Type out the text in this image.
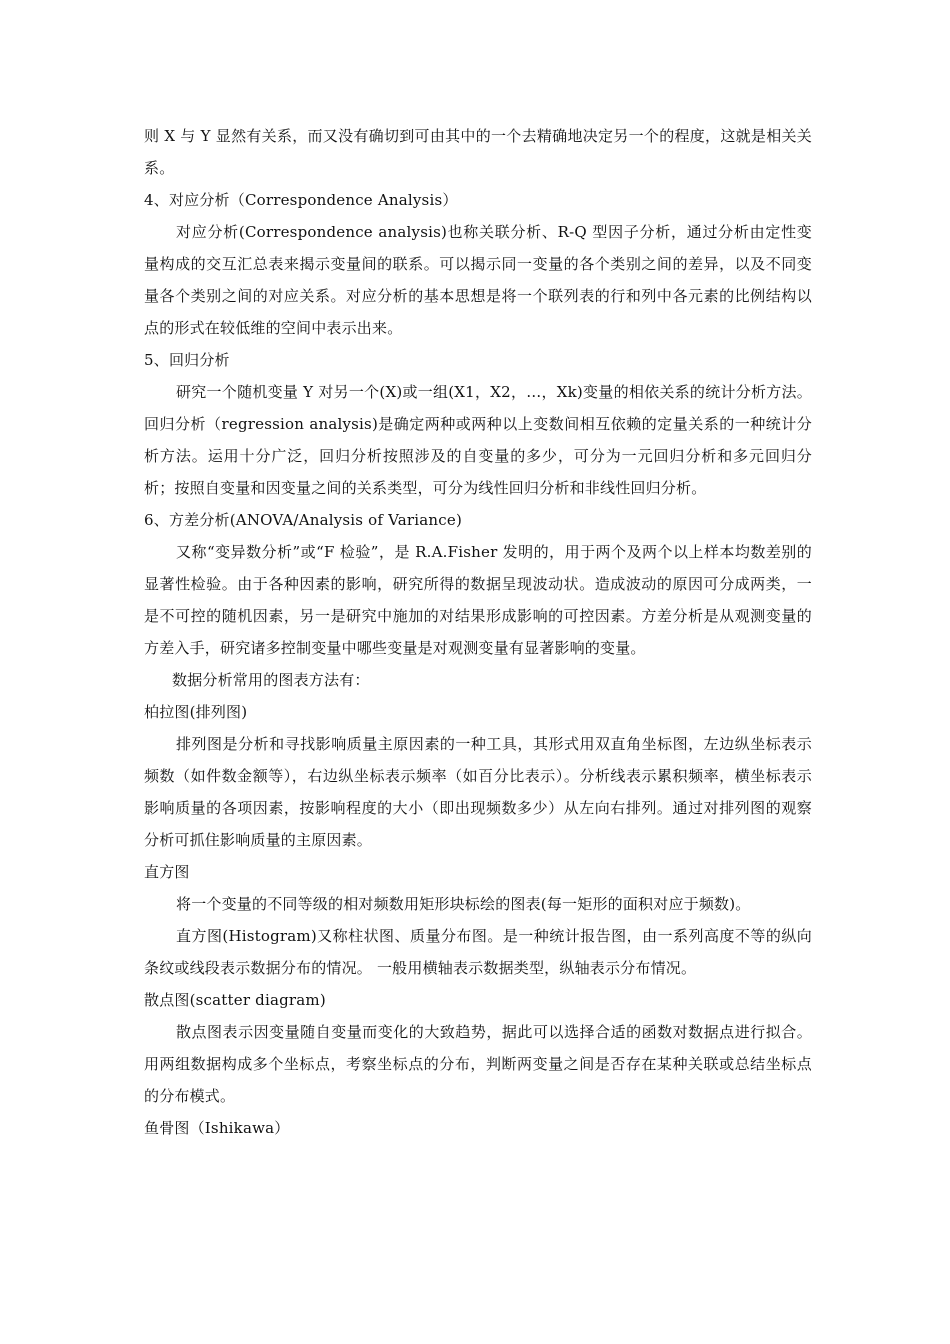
则 X 与 Y 显然有关系，而又没有确切到可由其中的一个去精确地决定另一个的程度，这就是相关关系。

4、对应分析（Correspondence Analysis）

对应分析(Correspondence analysis)也称关联分析、R-Q 型因子分析，通过分析由定性变量构成的交互汇总表来揭示变量间的联系。可以揭示同一变量的各个类别之间的差异，以及不同变量各个类别之间的对应关系。对应分析的基本思想是将一个联列表的行和列中各元素的比例结构以点的形式在较低维的空间中表示出来。

5、回归分析

研究一个随机变量 Y 对另一个(X)或一组(X1，X2，…，Xk)变量的相依关系的统计分析方法。回归分析（regression analysis)是确定两种或两种以上变数间相互依赖的定量关系的一种统计分析方法。运用十分广泛，回归分析按照涉及的自变量的多少，可分为一元回归分析和多元回归分析；按照自变量和因变量之间的关系类型，可分为线性回归分析和非线性回归分析。

6、方差分析(ANOVA/Analysis of Variance)

又称“变异数分析”或“F 检验”，是 R.A.Fisher 发明的，用于两个及两个以上样本均数差别的显著性检验。由于各种因素的影响，研究所得的数据呈现波动状。造成波动的原因可分成两类，一是不可控的随机因素，另一是研究中施加的对结果形成影响的可控因素。方差分析是从观测变量的方差入手，研究诸多控制变量中哪些变量是对观测变量有显著影响的变量。

数据分析常用的图表方法有：

柏拉图(排列图)

排列图是分析和寻找影响质量主原因素的一种工具，其形式用双直角坐标图，左边纵坐标表示频数（如件数金额等），右边纵坐标表示频率（如百分比表示）。分析线表示累积频率，横坐标表示影响质量的各项因素，按影响程度的大小（即出现频数多少）从左向右排列。通过对排列图的观察分析可抓住影响质量的主原因素。

直方图

将一个变量的不同等级的相对频数用矩形块标绘的图表(每一矩形的面积对应于频数)。

直方图(Histogram)又称柱状图、质量分布图。是一种统计报告图，由一系列高度不等的纵向条纹或线段表示数据分布的情况。 一般用横轴表示数据类型，纵轴表示分布情况。

散点图(scatter diagram)

散点图表示因变量随自变量而变化的大致趋势，据此可以选择合适的函数对数据点进行拟合。用两组数据构成多个坐标点，考察坐标点的分布，判断两变量之间是否存在某种关联或总结坐标点的分布模式。

鱼骨图（Ishikawa）
